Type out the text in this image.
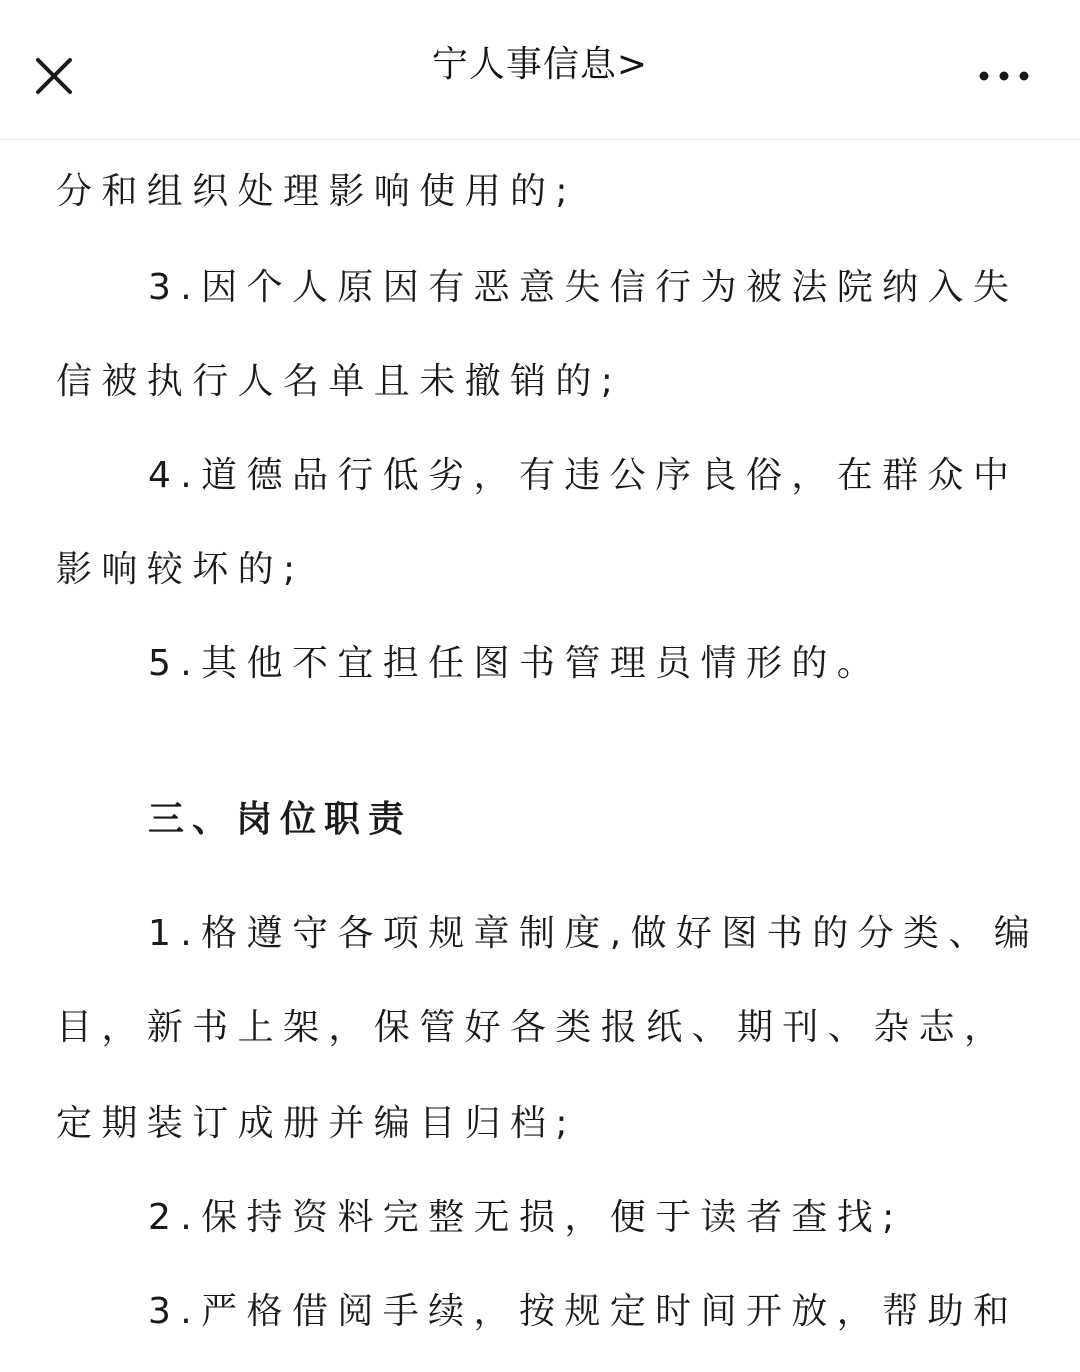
宁人事信息>
分和组织处理影响使用的;
3.因个人原因有恶意失信行为被法院纳入失
信被执行人名单且未撤销的;
4.道德品行低劣，有违公序良俗，在群众中
影响较坏的;
5.其他不宜担任图书管理员情形的。
三、岗位职责
1.格遵守各项规章制度,做好图书的分类、编
目，新书上架，保管好各类报纸、期刊、杂志，
定期装订成册并编目归档;
2.保持资料完整无损，便于读者查找;
3.严格借阅手续，按规定时间开放，帮助和
